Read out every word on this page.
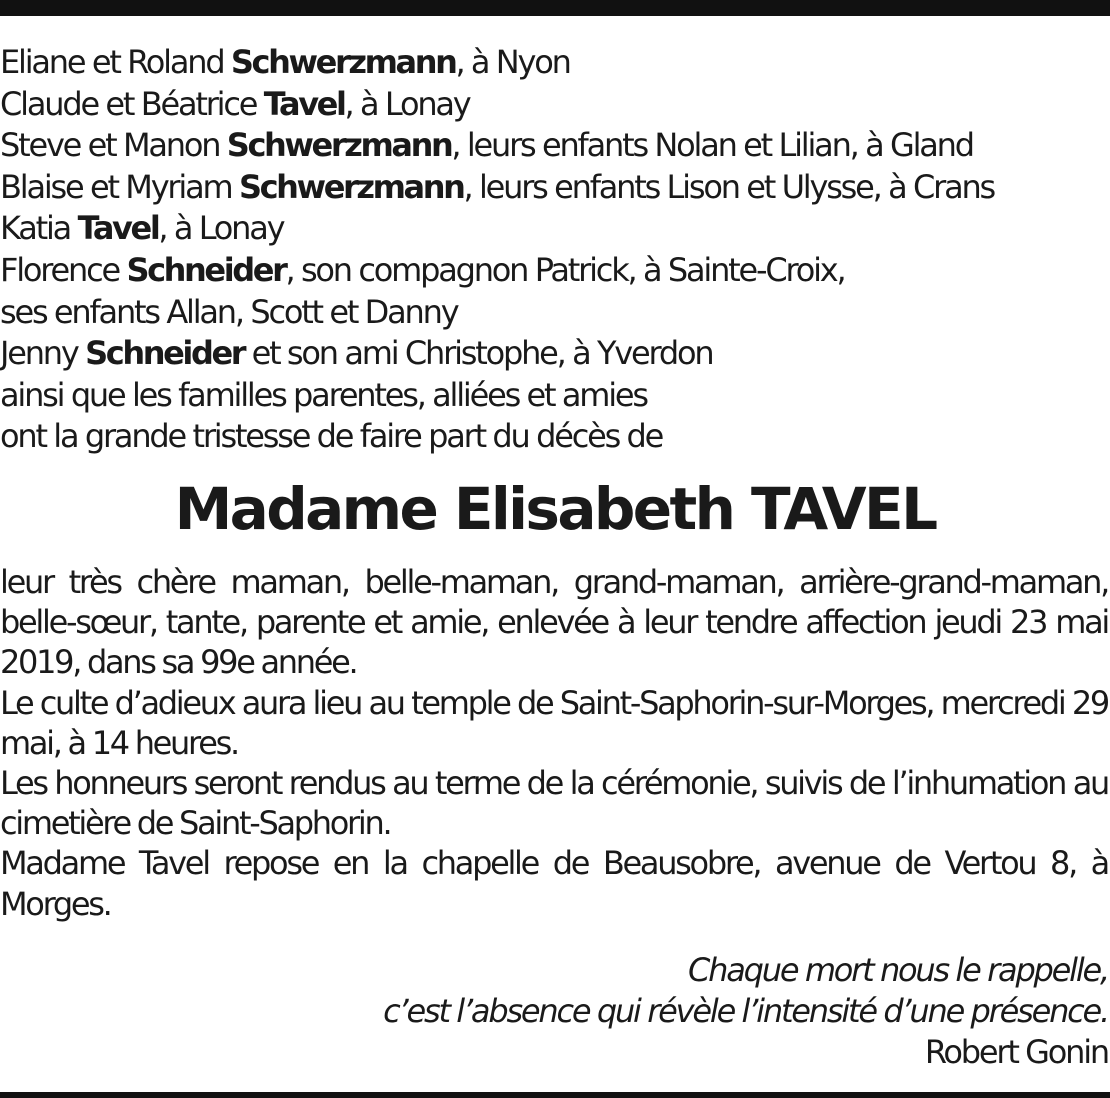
Eliane et Roland Schwerzmann, à Nyon
Claude et Béatrice Tavel, à Lonay
Steve et Manon Schwerzmann, leurs enfants Nolan et Lilian, à Gland
Blaise et Myriam Schwerzmann, leurs enfants Lison et Ulysse, à Crans
Katia Tavel, à Lonay
Florence Schneider, son compagnon Patrick, à Sainte-Croix,
ses enfants Allan, Scott et Danny
Jenny Schneider et son ami Christophe, à Yverdon
ainsi que les familles parentes, alliées et amies
ont la grande tristesse de faire part du décès de
Madame Elisabeth TAVEL

leur très chère maman, belle-maman, grand-maman, arrière-grand-maman, belle-sœur, tante, parente et amie, enlevée à leur tendre affection jeudi 23 mai 2019, dans sa 99e année.

Le culte d’adieux aura lieu au temple de Saint-Saphorin-sur-Morges, mercredi 29 mai, à 14 heures.

Les honneurs seront rendus au terme de la cérémonie, suivis de l’inhumation au cimetière de Saint-Saphorin.

Madame Tavel repose en la chapelle de Beausobre, avenue de Vertou 8, à Morges.

Chaque mort nous le rappelle,
c’est l’absence qui révèle l’intensité d’une présence.
Robert Gonin
